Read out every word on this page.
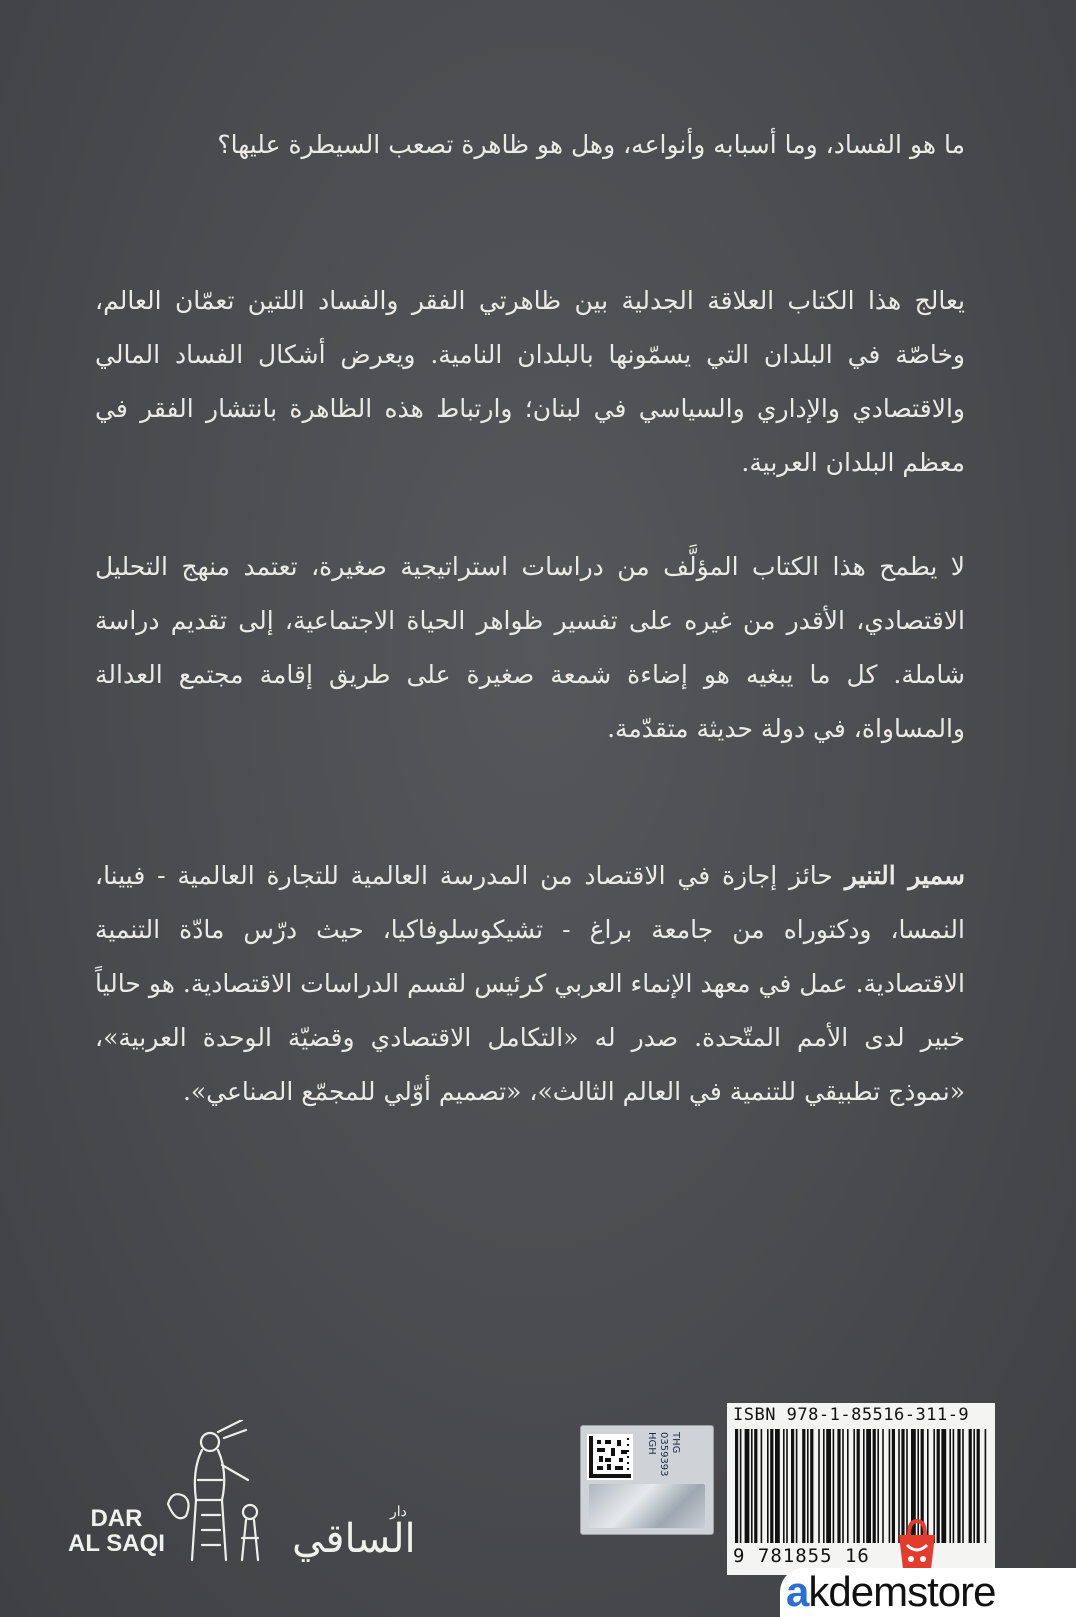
ما هو الفساد، وما أسبابه وأنواعه، وهل هو ظاهرة تصعب السيطرة عليها؟

يعالج هذا الكتاب العلاقة الجدلية بين ظاهرتي الفقر والفساد اللتين تعمّان العالم، وخاصّة في البلدان التي يسمّونها بالبلدان النامية. ويعرض أشكال الفساد المالي والاقتصادي والإداري والسياسي في لبنان؛ وارتباط هذه الظاهرة بانتشار الفقر في معظم البلدان العربية.

لا يطمح هذا الكتاب المؤلَّف من دراسات استراتيجية صغيرة، تعتمد منهج التحليل الاقتصادي، الأقدر من غيره على تفسير ظواهر الحياة الاجتماعية، إلى تقديم دراسة شاملة. كل ما يبغيه هو إضاءة شمعة صغيرة على طريق إقامة مجتمع العدالة والمساواة، في دولة حديثة متقدّمة.

سمير التنير حائز إجازة في الاقتصاد من المدرسة العالمية للتجارة العالمية - فيينا، النمسا، ودكتوراه من جامعة براغ - تشيكوسلوفاكيا، حيث درّس مادّة التنمية الاقتصادية. عمل في معهد الإنماء العربي كرئيس لقسم الدراسات الاقتصادية. هو حالياً خبير لدى الأمم المتّحدة. صدر له «التكامل الاقتصادي وقضيّة الوحدة العربية»، «نموذج تطبيقي للتنمية في العالم الثالث»، «تصميم أوّلي للمجمّع الصناعي».

DAR
AL SAQI
دار
الساقي
THG
0359393
HGH
ISBN 978-1-85516-311-9
9 781855 16
akdemstore
